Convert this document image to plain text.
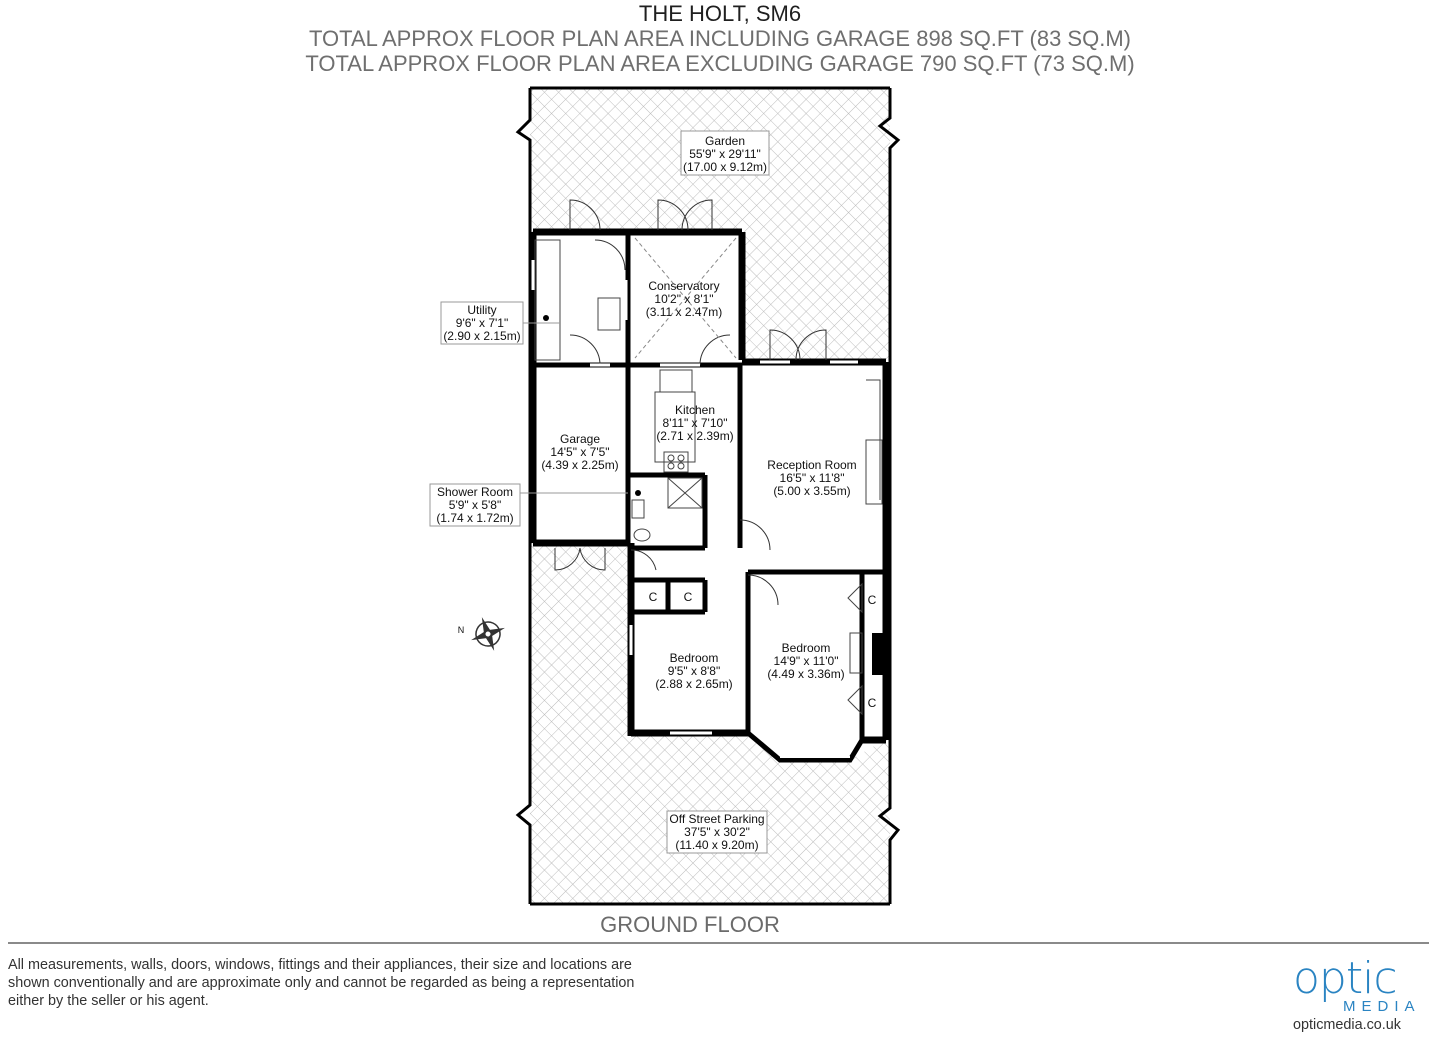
THE HOLT, SM6
TOTAL APPROX FLOOR PLAN AREA INCLUDING GARAGE 898 SQ.FT (83 SQ.M)
TOTAL APPROX FLOOR PLAN AREA EXCLUDING GARAGE 790 SQ.FT (73 SQ.M)
N
Garden
55'9" x 29'11"
(17.00 x 9.12m)
Conservatory
10'2" x 8'1"
(3.11 x 2.47m)
Utility
9'6" x 7'1"
(2.90 x 2.15m)
Kitchen
8'11" x 7'10"
(2.71 x 2.39m)
Garage
14'5" x 7'5"
(4.39 x 2.25m)	Reception Room
16'5" x 11'8"
(5.00 x 3.55m)
Shower Room
5'9" x 5'8"
(1.74 x 1.72m)
Bedroom
9'5" x 8'8"
(2.88 x 2.65m)
Bedroom
14'9" x 11'0"
(4.49 x 3.36m)
Off Street Parking
37'5" x 30'2"
(11.40 x 9.20m)
C C	C
C
GROUND FLOOR
All measurements, walls, doors, windows, fittings and their appliances, their size and locations are
shown conventionally and are approximate only and cannot be regarded as being a representation
either by the seller or his agent.	optic
MEDIA
opticmedia.co.uk
